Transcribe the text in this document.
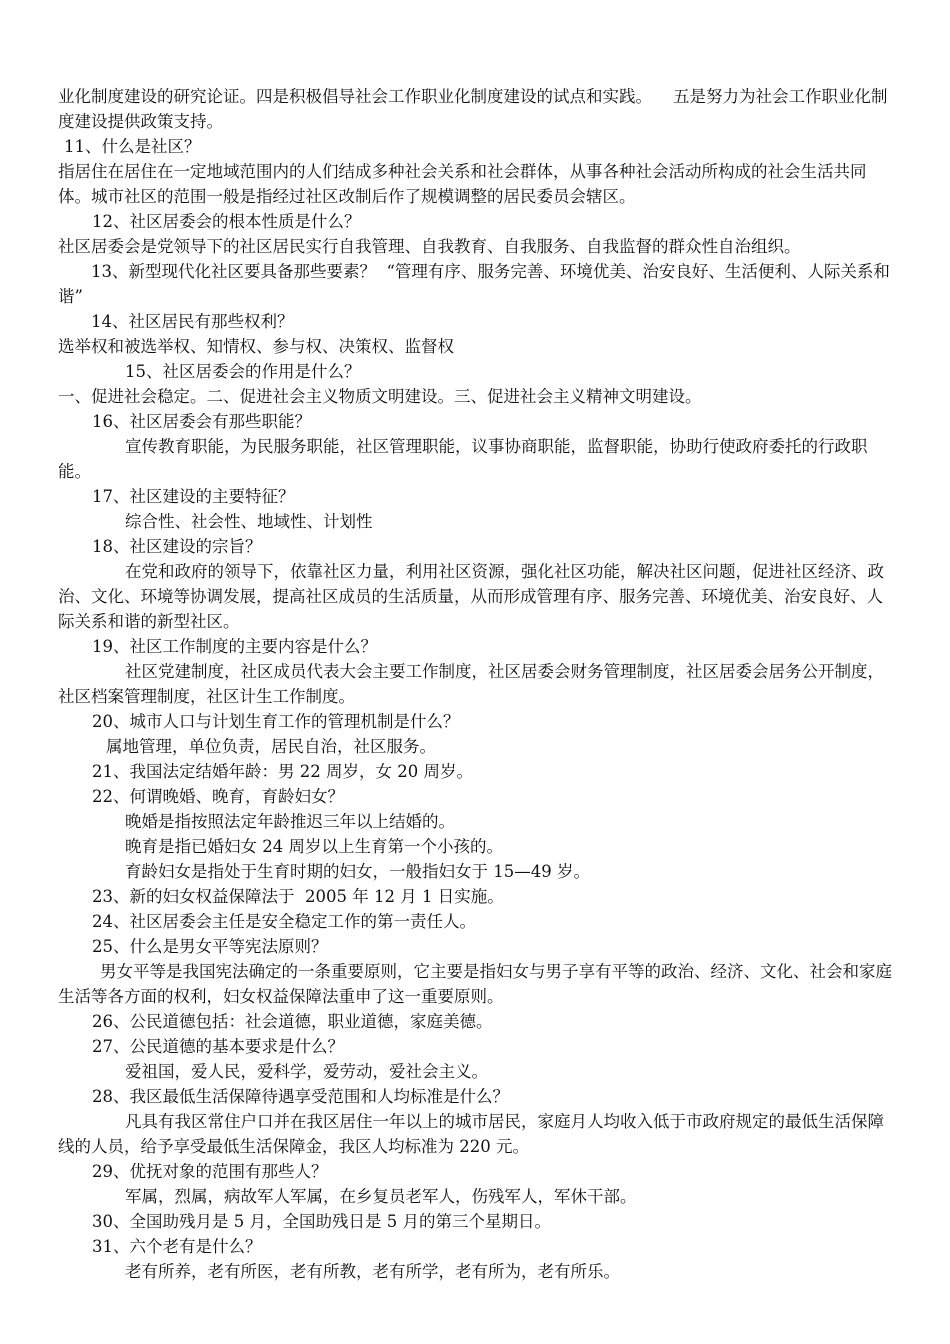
业化制度建设的研究论证。四是积极倡导社会工作职业化制度建设的试点和实践。    五是努力为社会工作职业化制度建设提供政策支持。

11、什么是社区？

指居住在居住在一定地域范围内的人们结成多种社会关系和社会群体，从事各种社会活动所构成的社会生活共同体。城市社区的范围一般是指经过社区改制后作了规模调整的居民委员会辖区。

12、社区居委会的根本性质是什么？

社区居委会是党领导下的社区居民实行自我管理、自我教育、自我服务、自我监督的群众性自治组织。

13、新型现代化社区要具备那些要素？  “管理有序、服务完善、环境优美、治安良好、生活便利、人际关系和谐”

14、社区居民有那些权利？

选举权和被选举权、知情权、参与权、决策权、监督权

15、社区居委会的作用是什么？

一、促进社会稳定。二、促进社会主义物质文明建设。三、促进社会主义精神文明建设。

16、社区居委会有那些职能？

宣传教育职能，为民服务职能，社区管理职能，议事协商职能，监督职能，协助行使政府委托的行政职能。

17、社区建设的主要特征？

综合性、社会性、地域性、计划性

18、社区建设的宗旨？

在党和政府的领导下，依靠社区力量，利用社区资源，强化社区功能，解决社区问题，促进社区经济、政治、文化、环境等协调发展，提高社区成员的生活质量，从而形成管理有序、服务完善、环境优美、治安良好、人际关系和谐的新型社区。

19、社区工作制度的主要内容是什么？

社区党建制度，社区成员代表大会主要工作制度，社区居委会财务管理制度，社区居委会居务公开制度，社区档案管理制度，社区计生工作制度。

20、城市人口与计划生育工作的管理机制是什么？

属地管理，单位负责，居民自治，社区服务。

21、我国法定结婚年龄：男 22 周岁，女 20 周岁。

22、何谓晚婚、晚育，育龄妇女？

晚婚是指按照法定年龄推迟三年以上结婚的。

晚育是指已婚妇女 24 周岁以上生育第一个小孩的。

育龄妇女是指处于生育时期的妇女，一般指妇女于 15—49 岁。

23、新的妇女权益保障法于  2005 年 12 月 1 日实施。

24、社区居委会主任是安全稳定工作的第一责任人。

25、什么是男女平等宪法原则？

男女平等是我国宪法确定的一条重要原则，它主要是指妇女与男子享有平等的政治、经济、文化、社会和家庭生活等各方面的权利，妇女权益保障法重申了这一重要原则。

26、公民道德包括：社会道德，职业道德，家庭美德。

27、公民道德的基本要求是什么？

爱祖国，爱人民，爱科学，爱劳动，爱社会主义。

28、我区最低生活保障待遇享受范围和人均标准是什么？

凡具有我区常住户口并在我区居住一年以上的城市居民，家庭月人均收入低于市政府规定的最低生活保障线的人员，给予享受最低生活保障金，我区人均标准为 220 元。

29、优抚对象的范围有那些人？

军属，烈属，病故军人军属，在乡复员老军人，伤残军人，军休干部。

30、全国助残月是 5 月，全国助残日是 5 月的第三个星期日。

31、六个老有是什么？

老有所养，老有所医，老有所教，老有所学，老有所为，老有所乐。
